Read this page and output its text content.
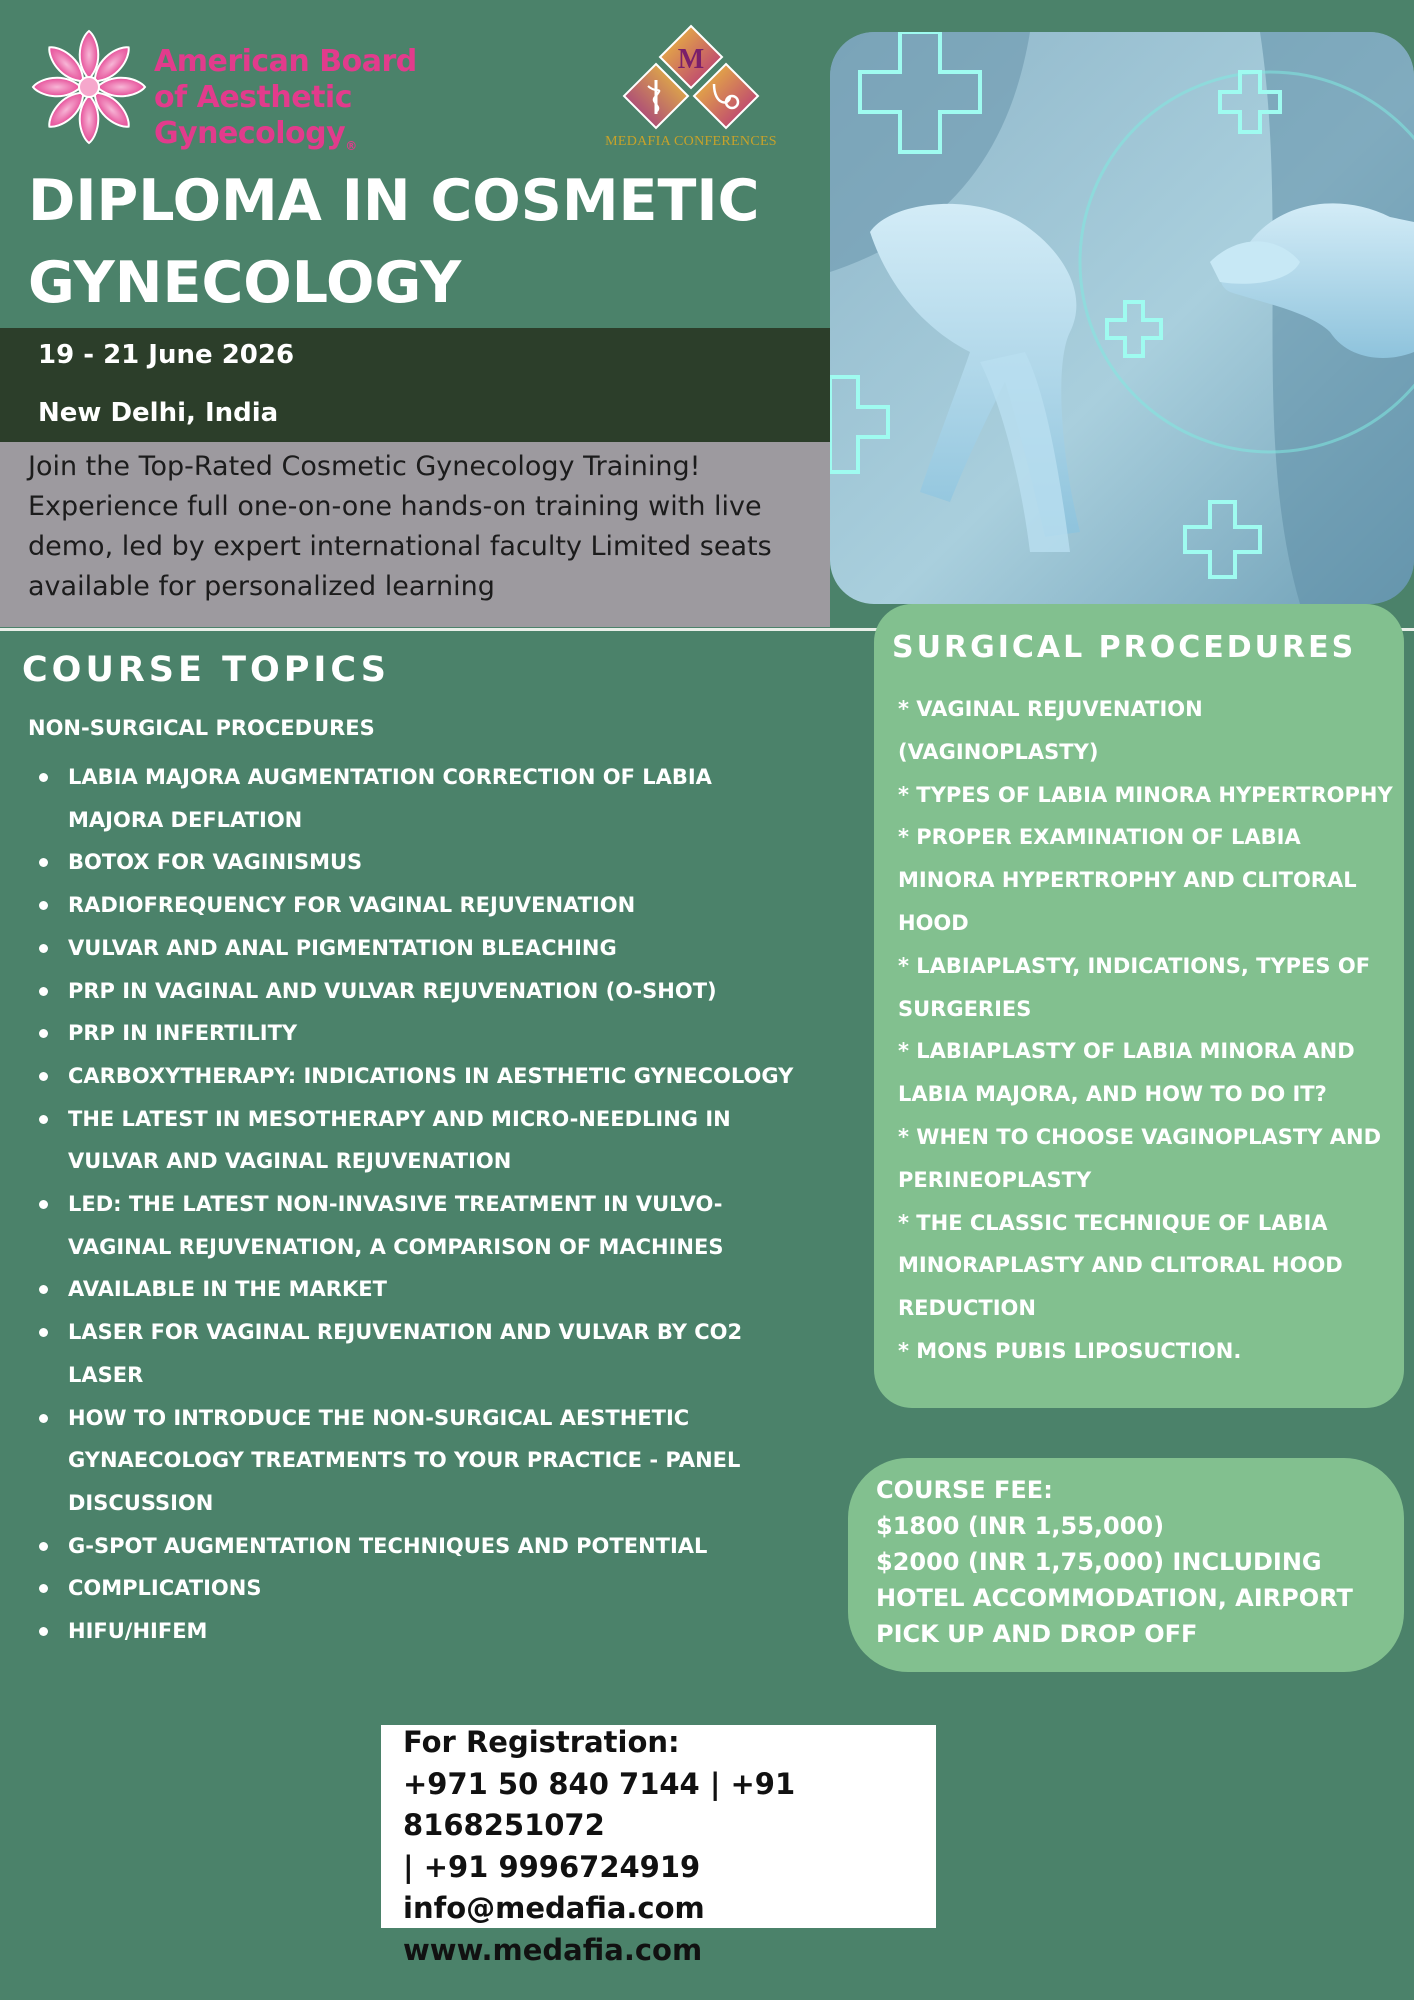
American Board
of Aesthetic Gynecology$_®$
M
MEDAFIA CONFERENCES
DIPLOMA IN COSMETIC
GYNECOLOGY
19 - 21 June 2026
New Delhi, India
Join the Top-Rated Cosmetic Gynecology Training! Experience full one-on-one hands-on training with live demo, led by expert international faculty Limited seats available for personalized learning
COURSE TOPICS
NON-SURGICAL PROCEDURES
LABIA MAJORA AUGMENTATION CORRECTION OF LABIA MAJORA DEFLATION
BOTOX FOR VAGINISMUS
RADIOFREQUENCY FOR VAGINAL REJUVENATION
VULVAR AND ANAL PIGMENTATION BLEACHING
PRP IN VAGINAL AND VULVAR REJUVENATION (O-SHOT)
PRP IN INFERTILITY
CARBOXYTHERAPY: INDICATIONS IN AESTHETIC GYNECOLOGY
THE LATEST IN MESOTHERAPY AND MICRO-NEEDLING IN VULVAR AND VAGINAL REJUVENATION
LED: THE LATEST NON-INVASIVE TREATMENT IN VULVO-VAGINAL REJUVENATION, A COMPARISON OF MACHINES
AVAILABLE IN THE MARKET
LASER FOR VAGINAL REJUVENATION AND VULVAR BY CO2 LASER
HOW TO INTRODUCE THE NON-SURGICAL AESTHETIC GYNAECOLOGY TREATMENTS TO YOUR PRACTICE - PANEL DISCUSSION
G-SPOT AUGMENTATION TECHNIQUES AND POTENTIAL
COMPLICATIONS
HIFU/HIFEM
SURGICAL PROCEDURES
* VAGINAL REJUVENATION (VAGINOPLASTY)
* TYPES OF LABIA MINORA HYPERTROPHY
* PROPER EXAMINATION OF LABIA MINORA HYPERTROPHY AND CLITORAL HOOD
* LABIAPLASTY, INDICATIONS, TYPES OF SURGERIES
* LABIAPLASTY OF LABIA MINORA AND LABIA MAJORA, AND HOW TO DO IT?
* WHEN TO CHOOSE VAGINOPLASTY AND PERINEOPLASTY
* THE CLASSIC TECHNIQUE OF LABIA MINORAPLASTY AND CLITORAL HOOD REDUCTION
* MONS PUBIS LIPOSUCTION.
COURSE FEE:
$1800 (INR 1,55,000)
$2000 (INR 1,75,000) INCLUDING HOTEL ACCOMMODATION, AIRPORT PICK UP AND DROP OFF
For Registration:
+971 50 840 7144 | +91 8168251072
| +91 9996724919
info@medafia.com
www.medafia.com
